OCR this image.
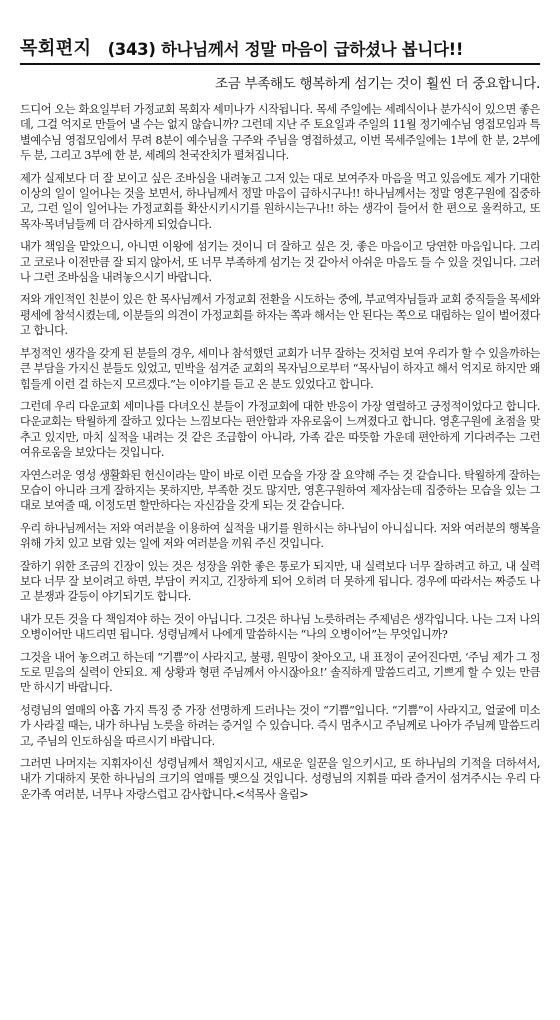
목회편지 (343) 하나님께서 정말 마음이 급하셨나 봅니다!!
조금 부족해도 행복하게 섬기는 것이 훨씬 더 중요합니다.

드디어 오는 화요일부터 가정교회 목회자 세미나가 시작됩니다. 목세 주일에는 세례식이나 분가식이 있으면 좋은데, 그걸 억지로 만들어 낼 수는 없지 않습니까? 그런데 지난 주 토요일과 주일의 11월 정기예수님 영접모임과 특별예수님 영접모임에서 무려 8분이 예수님을 구주와 주님을 영접하셨고, 이번 목세주일에는 1부에 한 분, 2부에 두 분, 그리고 3부에 한 분, 세례의 천국잔치가 펼쳐집니다.

제가 실제보다 더 잘 보이고 싶은 조바심을 내려놓고 그저 있는 대로 보여주자 마음을 먹고 있음에도 제가 기대한 이상의 일이 일어나는 것을 보면서, 하나님께서 정말 마음이 급하시구나!! 하나님께서는 정말 영혼구원에 집중하고, 그런 일이 일어나는 가정교회를 확산시키시기를 원하시는구나!! 하는 생각이 들어서 한 편으로 울컥하고, 또 목자·목녀님들께 더 감사하게 되었습니다.

내가 책임을 맡았으니, 아니면 이왕에 섬기는 것이니 더 잘하고 싶은 것, 좋은 마음이고 당연한 마음입니다. 그리고 코로나 이전만큼 잘 되지 않아서, 또 너무 부족하게 섬기는 것 같아서 아쉬운 마음도 들 수 있을 것입니다. 그러나 그런 조바심을 내려놓으시기 바랍니다.

저와 개인적인 친분이 있은 한 목사님께서 가정교회 전환을 시도하는 중에, 부교역자님들과 교회 중직들을 목세와 평세에 참석시켰는데, 이분들의 의견이 가정교회를 하자는 쪽과 해서는 안 된다는 쪽으로 대립하는 일이 벌어졌다고 합니다.

부정적인 생각을 갖게 된 분들의 경우, 세미나 참석했던 교회가 너무 잘하는 것처럼 보여 우리가 할 수 있을까하는 큰 부담을 가지신 분들도 있었고, 민박을 섬겨준 교회의 목자님으로부터 “목사님이 하자고 해서 억지로 하지만 왜 힘들게 이런 걸 하는지 모르겠다.”는 이야기를 듣고 온 분도 있었다고 합니다.

그런데 우리 다운교회 세미나를 다녀오신 분들이 가정교회에 대한 반응이 가장 열렬하고 긍정적이었다고 합니다. 다운교회는 탁월하게 잘하고 있다는 느낌보다는 편안함과 자유로움이 느껴졌다고 합니다. 영혼구원에 초점을 맞추고 있지만, 마치 실적을 내려는 것 같은 조급함이 아니라, 가족 같은 따뜻함 가운데 편안하게 기다려주는 그런 여유로움을 보았다는 것입니다.

자연스러운 영성 생활화된 헌신이라는 말이 바로 이런 모습을 가장 잘 요약해 주는 것 같습니다. 탁월하게 잘하는 모습이 아니라 크게 잘하지는 못하지만, 부족한 것도 많지만, 영혼구원하여 제자삼는데 집중하는 모습을 있는 그대로 보여줄 때, 이정도면 할만하다는 자신감을 갖게 되는 것 같습니다.

우리 하나님께서는 저와 여러분을 이용하여 실적을 내기를 원하시는 하나님이 아니십니다. 저와 여러분의 행복을 위해 가치 있고 보람 있는 일에 저와 여러분을 끼워 주신 것입니다.

잘하기 위한 조금의 긴장이 있는 것은 성장을 위한 좋은 통로가 되지만, 내 실력보다 너무 잘하려고 하고, 내 실력보다 너무 잘 보이려고 하면, 부담이 커지고, 긴장하게 되어 오히려 더 못하게 됩니다. 경우에 따라서는 짜증도 나고 분쟁과 갈등이 야기되기도 합니다.

내가 모든 것을 다 책임져야 하는 것이 아닙니다. 그것은 하나님 노릇하려는 주제넘은 생각입니다. 나는 그저 나의 오병이어만 내드리면 됩니다. 성령님께서 나에게 말씀하시는 “나의 오병이어”는 무엇입니까?

그것을 내어 놓으려고 하는데 “기쁨”이 사라지고, 불평, 원망이 찾아오고, 내 표정이 굳어진다면, ‘주님 제가 그 정도로 믿음의 실력이 안되요. 제 상황과 형편 주님께서 아시잖아요!’ 솔직하게 말씀드리고, 기쁘게 할 수 있는 만큼만 하시기 바랍니다.

성령님의 열매의 아홉 가지 특징 중 가장 선명하게 드러나는 것이 “기쁨”입니다. “기쁨”이 사라지고, 얼굴에 미소가 사라질 때는, 내가 하나님 노릇을 하려는 증거일 수 있습니다. 즉시 멈추시고 주님께로 나아가 주님께 말씀드리고, 주님의 인도하심을 따르시기 바랍니다.

그러면 나머지는 지휘자이신 성령님께서 책임지시고, 새로운 일꾼을 일으키시고, 또 하나님의 기적을 더하셔서, 내가 기대하지 못한 하나님의 크기의 열매를 맺으실 것입니다. 성령님의 지휘를 따라 즐거이 섬겨주시는 우리 다운가족 여러분, 너무나 자랑스럽고 감사합니다.<석목사 올림>
